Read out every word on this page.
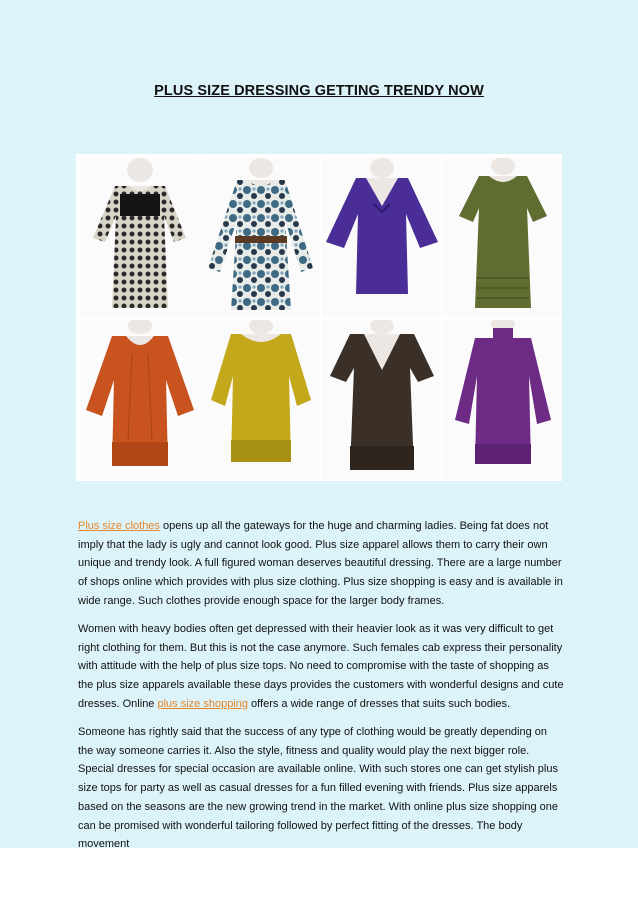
PLUS SIZE DRESSING GETTING TRENDY NOW

Plus size clothes opens up all the gateways for the huge and charming ladies. Being fat does not imply that the lady is ugly and cannot look good. Plus size apparel allows them to carry their own unique and trendy look. A full figured woman deserves beautiful dressing. There are a large number of shops online which provides with plus size clothing. Plus size shopping is easy and is available in wide range. Such clothes provide enough space for the larger body frames.

Women with heavy bodies often get depressed with their heavier look as it was very difficult to get right clothing for them. But this is not the case anymore. Such females cab express their personality with attitude with the help of plus size tops. No need to compromise with the taste of shopping as the plus size apparels available these days provides the customers with wonderful designs and cute dresses. Online plus size shopping offers a wide range of dresses that suits such bodies.

Someone has rightly said that the success of any type of clothing would be greatly depending on the way someone carries it. Also the style, fitness and quality would play the next bigger role. Special dresses for special occasion are available online. With such stores one can get stylish plus size tops for party as well as casual dresses for a fun filled evening with friends. Plus size apparels based on the seasons are the new growing trend in the market. With online plus size shopping one can be promised with wonderful tailoring followed by perfect fitting of the dresses. The body movement
